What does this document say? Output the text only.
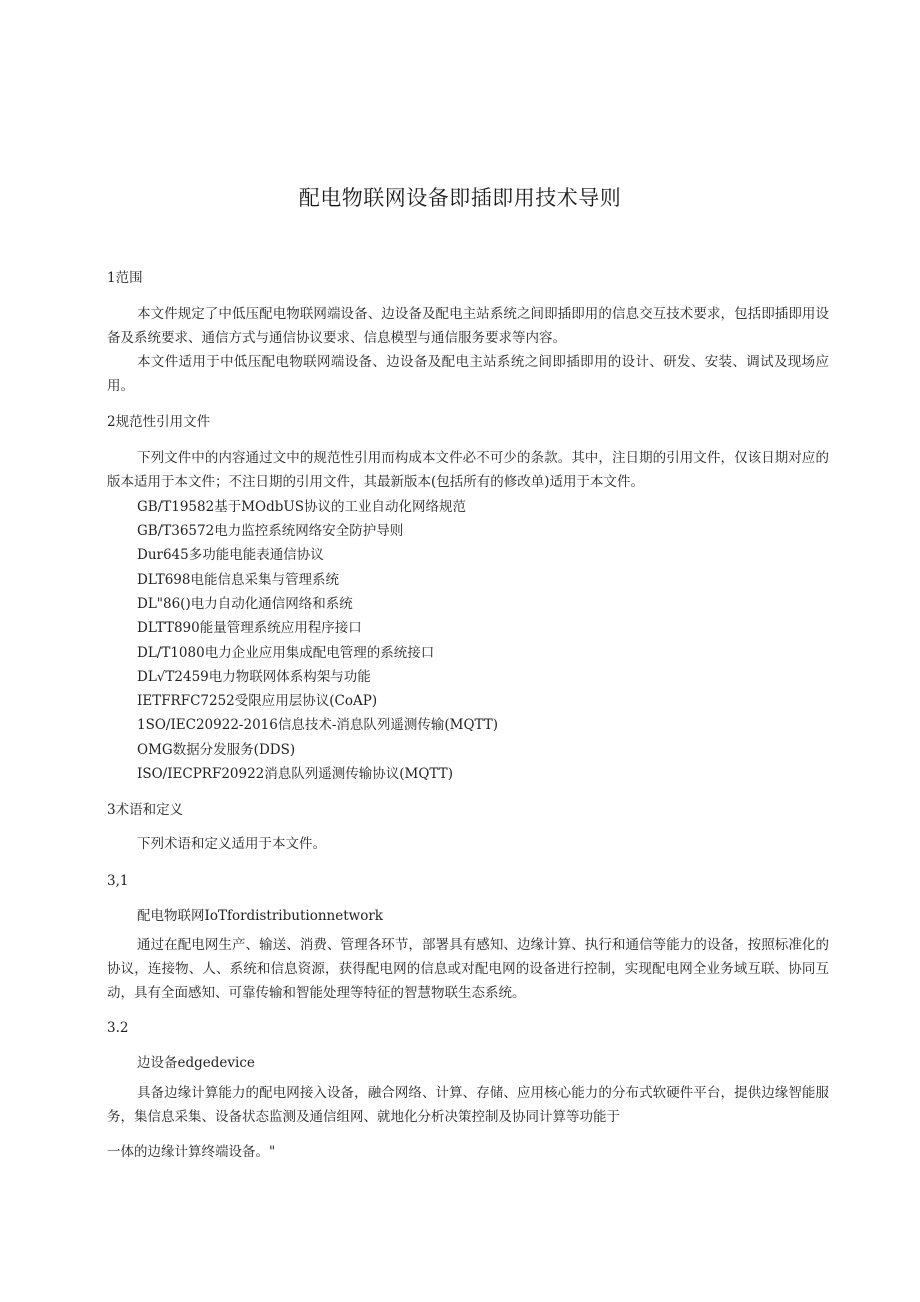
配电物联网设备即插即用技术导则
1范围
本文件规定了中低压配电物联网端设备、边设备及配电主站系统之间即插即用的信息交互技术要求，包括即插即用设备及系统要求、通信方式与通信协议要求、信息模型与通信服务要求等内容。
本文件适用于中低压配电物联网端设备、边设备及配电主站系统之间即插即用的设计、研发、安装、调试及现场应用。
2规范性引用文件
下列文件中的内容通过文中的规范性引用而构成本文件必不可少的条款。其中，注日期的引用文件，仅该日期对应的版本适用于本文件；不注日期的引用文件，其最新版本(包括所有的修改单)适用于本文件。
GB/T19582基于MOdbUS协议的工业自动化网络规范
GB/T36572电力监控系统网络安全防护导则
Dur645多功能电能表通信协议
DLT698电能信息采集与管理系统
DL"86()电力自动化通信网络和系统
DLTT890能量管理系统应用程序接口
DL/T1080电力企业应用集成配电管理的系统接口
DL√T2459电力物联网体系构架与功能
IETFRFC7252受限应用层协议(CoAP)
1SO/IEC20922-2016信息技术-消息队列遥测传输(MQTT)
OMG数据分发服务(DDS)
ISO/IECPRF20922消息队列遥测传输协议(MQTT)
3术语和定义
下列术语和定义适用于本文件。
3,1
配电物联网IoTfordistributionnetwork
通过在配电网生产、输送、消费、管理各环节，部署具有感知、边缘计算、执行和通信等能力的设备，按照标准化的协议，连接物、人、系统和信息资源，获得配电网的信息或对配电网的设备进行控制，实现配电网全业务域互联、协同互动，具有全面感知、可靠传输和智能处理等特征的智慧物联生态系统。
3.2
边设备edgedevice
具备边缘计算能力的配电网接入设备，融合网络、计算、存储、应用核心能力的分布式软硬件平台，提供边缘智能服务，集信息采集、设备状态监测及通信组网、就地化分析决策控制及协同计算等功能于
一体的边缘计算终端设备。"
